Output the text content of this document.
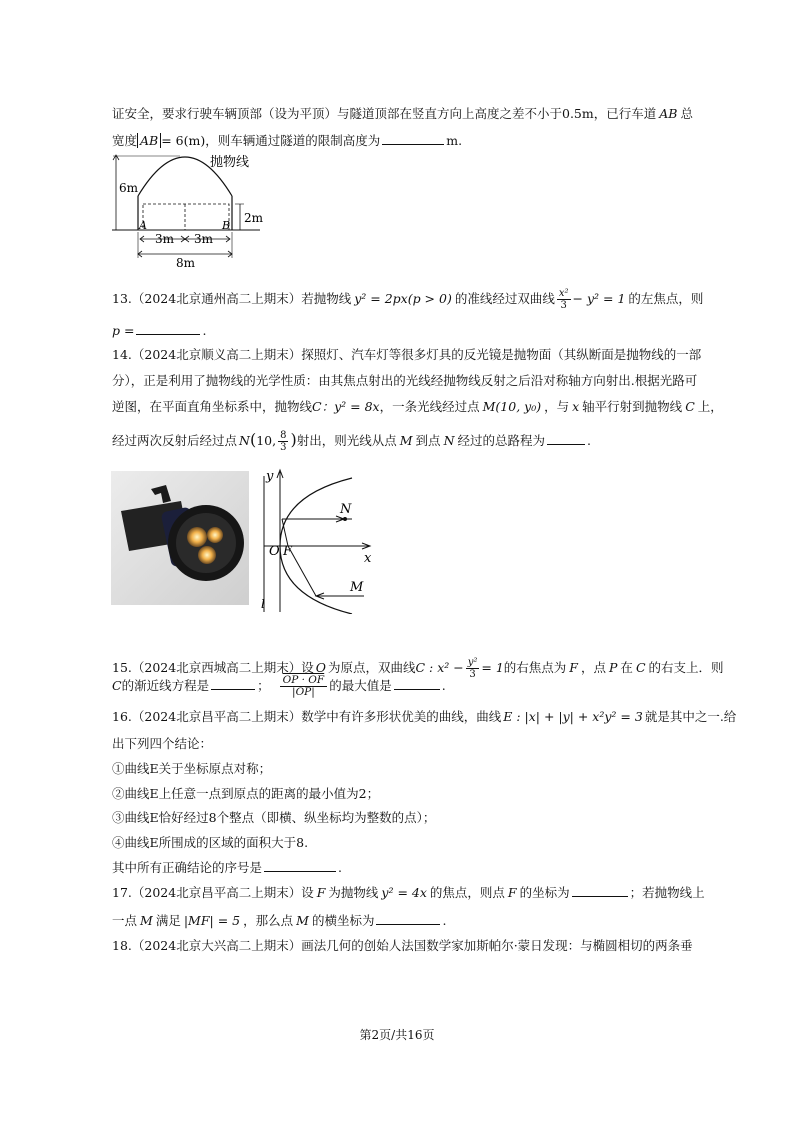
证安全，要求行驶车辆顶部（设为平顶）与隧道顶部在竖直方向上高度之差不小于0.5m，已行车道 AB 总
宽度 AB = 6(m)，则车辆通过隧道的限制高度为	m.
6m
抛物线
2m
A	B
3m 3m
8m
13.（2024北京通州高二上期末）若抛物线 y² = 2px(p > 0) 的准线经过双曲线 $\frac{\text{x²}}{3} - y^2 = 1$ 的左焦点，则
p =	.
14.（2024北京顺义高二上期末）探照灯、汽车灯等很多灯具的反光镜是抛物面（其纵断面是抛物线的一部
分），正是利用了抛物线的光学性质：由其焦点射出的光线经抛物线反射之后沿对称轴方向射出.根据光路可
逆图，在平面直角坐标系中，抛物线C：y² = 8x，一条光线经过点 M(10, y₀) ，与 x 轴平行射到抛物线 C 上，
经过两次反射后经过点 N(10, $\frac{8}{3}$ )射出，则光线从点 M 到点 N 经过的总路程为	.
y
x
l
O F
N
M
15.（2024北京西城高二上期末）设 O 为原点，双曲线C : $x^2 - \frac{\text{y²}}{3} = 1$的右焦点为 F ，点 P 在 C 的右支上．则
C的渐近线方程是	； $\frac{OP \cdot OF}{|OP|}$ 的最大值是	.
16.（2024北京昌平高二上期末）数学中有许多形状优美的曲线，曲线 E : |x| + |y| + x²y² = 3 就是其中之一.给
出下列四个结论：
①曲线E关于坐标原点对称；
②曲线E上任意一点到原点的距离的最小值为2；
③曲线E恰好经过8个整点（即横、纵坐标均为整数的点）；
④曲线E所围成的区域的面积大于8.
其中所有正确结论的序号是	.
17.（2024北京昌平高二上期末）设 F 为抛物线 y² = 4x 的焦点，则点 F 的坐标为	；若抛物线上
一点 M 满足 |MF| = 5 ，那么点 M 的横坐标为	.
18.（2024北京大兴高二上期末）画法几何的创始人法国数学家加斯帕尔·蒙日发现：与椭圆相切的两条垂
第2页/共16页
